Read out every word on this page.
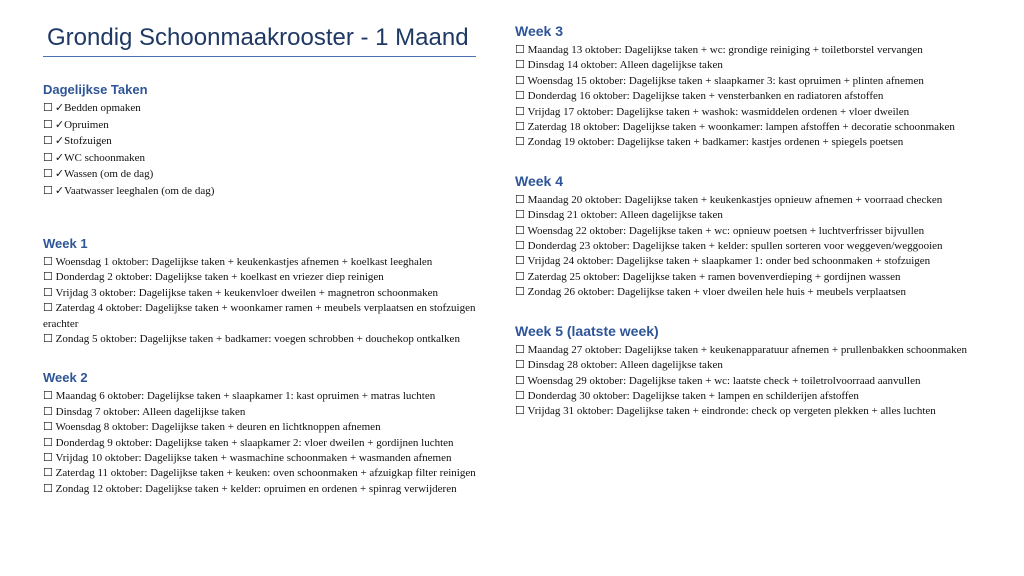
Grondig Schoonmaakrooster - 1 Maand
Dagelijkse Taken
☐ ✓Bedden opmaken
☐ ✓Opruimen
☐ ✓Stofzuigen
☐ ✓WC schoonmaken
☐ ✓Wassen (om de dag)
☐ ✓Vaatwasser leeghalen (om de dag)
Week 1
☐ Woensdag 1 oktober: Dagelijkse taken + keukenkastjes afnemen + koelkast leeghalen
☐ Donderdag 2 oktober: Dagelijkse taken + koelkast en vriezer diep reinigen
☐ Vrijdag 3 oktober: Dagelijkse taken + keukenvloer dweilen + magnetron schoonmaken
☐ Zaterdag 4 oktober: Dagelijkse taken + woonkamer ramen + meubels verplaatsen en stofzuigen erachter
☐ Zondag 5 oktober: Dagelijkse taken + badkamer: voegen schrobben + douchekop ontkalken
Week 2
☐ Maandag 6 oktober: Dagelijkse taken + slaapkamer 1: kast opruimen + matras luchten
☐ Dinsdag 7 oktober: Alleen dagelijkse taken
☐ Woensdag 8 oktober: Dagelijkse taken + deuren en lichtknoppen afnemen
☐ Donderdag 9 oktober: Dagelijkse taken + slaapkamer 2: vloer dweilen + gordijnen luchten
☐ Vrijdag 10 oktober: Dagelijkse taken + wasmachine schoonmaken + wasmanden afnemen
☐ Zaterdag 11 oktober: Dagelijkse taken + keuken: oven schoonmaken + afzuigkap filter reinigen
☐ Zondag 12 oktober: Dagelijkse taken + kelder: opruimen en ordenen + spinrag verwijderen
Week 3
☐ Maandag 13 oktober: Dagelijkse taken + wc: grondige reiniging + toiletborstel vervangen
☐ Dinsdag 14 oktober: Alleen dagelijkse taken
☐ Woensdag 15 oktober: Dagelijkse taken + slaapkamer 3: kast opruimen + plinten afnemen
☐ Donderdag 16 oktober: Dagelijkse taken + vensterbanken en radiatoren afstoffen
☐ Vrijdag 17 oktober: Dagelijkse taken + washok: wasmiddelen ordenen + vloer dweilen
☐ Zaterdag 18 oktober: Dagelijkse taken + woonkamer: lampen afstoffen + decoratie schoonmaken
☐ Zondag 19 oktober: Dagelijkse taken + badkamer: kastjes ordenen + spiegels poetsen
Week 4
☐ Maandag 20 oktober: Dagelijkse taken + keukenkastjes opnieuw afnemen + voorraad checken
☐ Dinsdag 21 oktober: Alleen dagelijkse taken
☐ Woensdag 22 oktober: Dagelijkse taken + wc: opnieuw poetsen + luchtverfrisser bijvullen
☐ Donderdag 23 oktober: Dagelijkse taken + kelder: spullen sorteren voor weggeven/weggooien
☐ Vrijdag 24 oktober: Dagelijkse taken + slaapkamer 1: onder bed schoonmaken + stofzuigen
☐ Zaterdag 25 oktober: Dagelijkse taken + ramen bovenverdieping + gordijnen wassen
☐ Zondag 26 oktober: Dagelijkse taken + vloer dweilen hele huis + meubels verplaatsen
Week 5 (laatste week)
☐ Maandag 27 oktober: Dagelijkse taken + keukenapparatuur afnemen + prullenbakken schoonmaken
☐ Dinsdag 28 oktober: Alleen dagelijkse taken
☐ Woensdag 29 oktober: Dagelijkse taken + wc: laatste check + toiletrolvoorraad aanvullen
☐ Donderdag 30 oktober: Dagelijkse taken + lampen en schilderijen afstoffen
☐ Vrijdag 31 oktober: Dagelijkse taken + eindronde: check op vergeten plekken + alles luchten
